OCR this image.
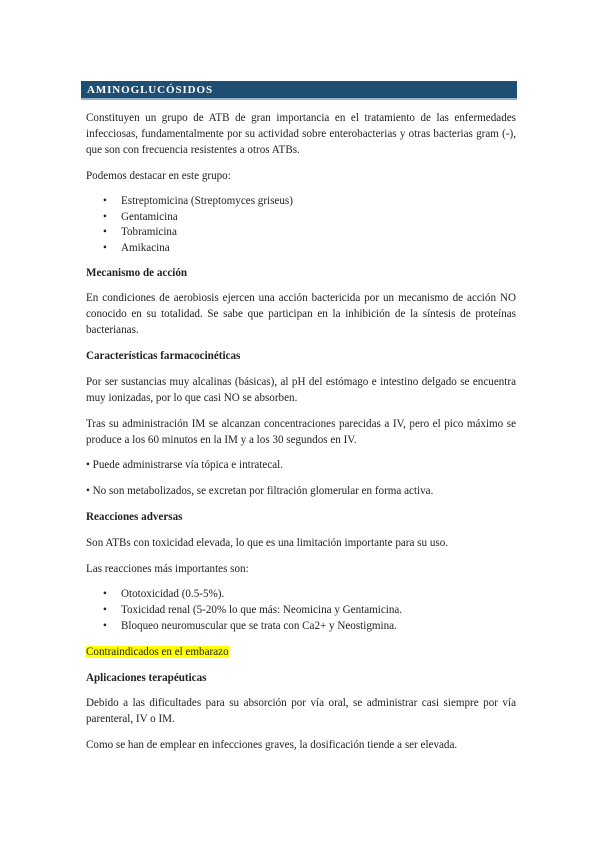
AMINOGLUCÓSIDOS

Constituyen un grupo de ATB de gran importancia en el tratamiento de las enfermedades infecciosas, fundamentalmente por su actividad sobre enterobacterias y otras bacterias gram (-), que son con frecuencia resistentes a otros ATBs.

Podemos destacar en este grupo:

• Estreptomicina (Streptomyces griseus)
• Gentamicina
• Tobramicina
• Amikacina

Mecanismo de acción

En condiciones de aerobiosis ejercen una acción bactericida por un mecanismo de acción NO conocido en su totalidad. Se sabe que participan en la inhibición de la síntesis de proteínas bacterianas.

Características farmacocinéticas

Por ser sustancias muy alcalinas (básicas), al pH del estómago e intestino delgado se encuentra muy ionizadas, por lo que casi NO se absorben.

Tras su administración IM se alcanzan concentraciones parecidas a IV, pero el pico máximo se produce a los 60 minutos en la IM y a los 30 segundos en IV.

• Puede administrarse vía tópica e intratecal.

• No son metabolizados, se excretan por filtración glomerular en forma activa.

Reacciones adversas

Son ATBs con toxicidad elevada, lo que es una limitación importante para su uso.

Las reacciones más importantes son:

• Ototoxicidad (0.5-5%).
• Toxicidad renal (5-20% lo que más: Neomicina y Gentamicina.
• Bloqueo neuromuscular que se trata con Ca2+ y Neostigmina.

Contraindicados en el embarazo

Aplicaciones terapéuticas

Debido a las dificultades para su absorción por vía oral, se administrar casi siempre por vía parenteral, IV o IM.

Como se han de emplear en infecciones graves, la dosificación tiende a ser elevada.
